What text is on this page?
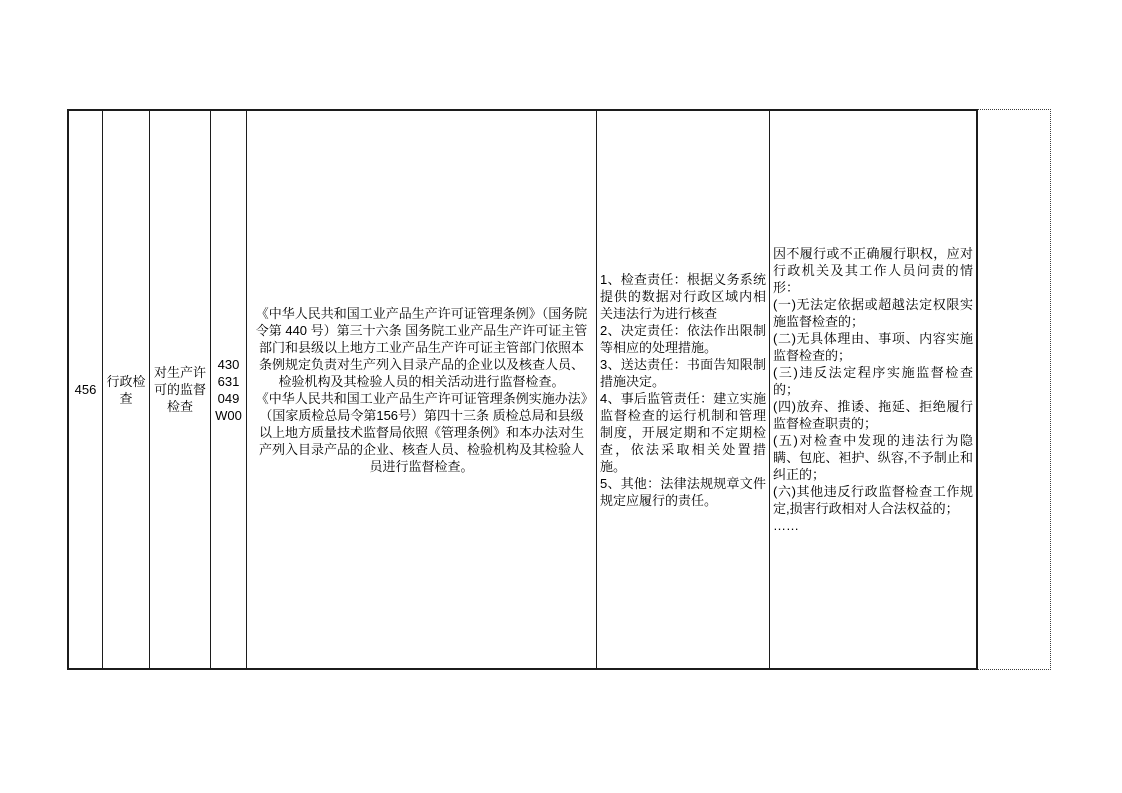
456
行政检查
对生产许可的监督检查
430631049W00
《中华人民共和国工业产品生产许可证管理条例》（国务院令第 440 号）第三十六条 国务院工业产品生产许可证主管部门和县级以上地方工业产品生产许可证主管部门依照本条例规定负责对生产列入目录产品的企业以及核查人员、检验机构及其检验人员的相关活动进行监督检查。
《中华人民共和国工业产品生产许可证管理条例实施办法》（国家质检总局令第156号）第四十三条 质检总局和县级以上地方质量技术监督局依照《管理条例》和本办法对生产列入目录产品的企业、核查人员、检验机构及其检验人员进行监督检查。
1、检查责任：根据义务系统提供的数据对行政区域内相关违法行为进行核查
2、决定责任：依法作出限制等相应的处理措施。
3、送达责任：书面告知限制措施决定。
4、事后监管责任：建立实施监督检查的运行机制和管理制度，开展定期和不定期检查，依法采取相关处置措施。
5、其他：法律法规规章文件规定应履行的责任。
因不履行或不正确履行职权，应对行政机关及其工作人员问责的情形：
(一)无法定依据或超越法定权限实施监督检查的；
(二)无具体理由、事项、内容实施监督检查的；
(三)违反法定程序实施监督检查的；
(四)放弃、推诿、拖延、拒绝履行监督检查职责的；
(五)对检查中发现的违法行为隐瞒、包庇、袒护、纵容,不予制止和纠正的；
(六)其他违反行政监督检查工作规定,损害行政相对人合法权益的；
……
